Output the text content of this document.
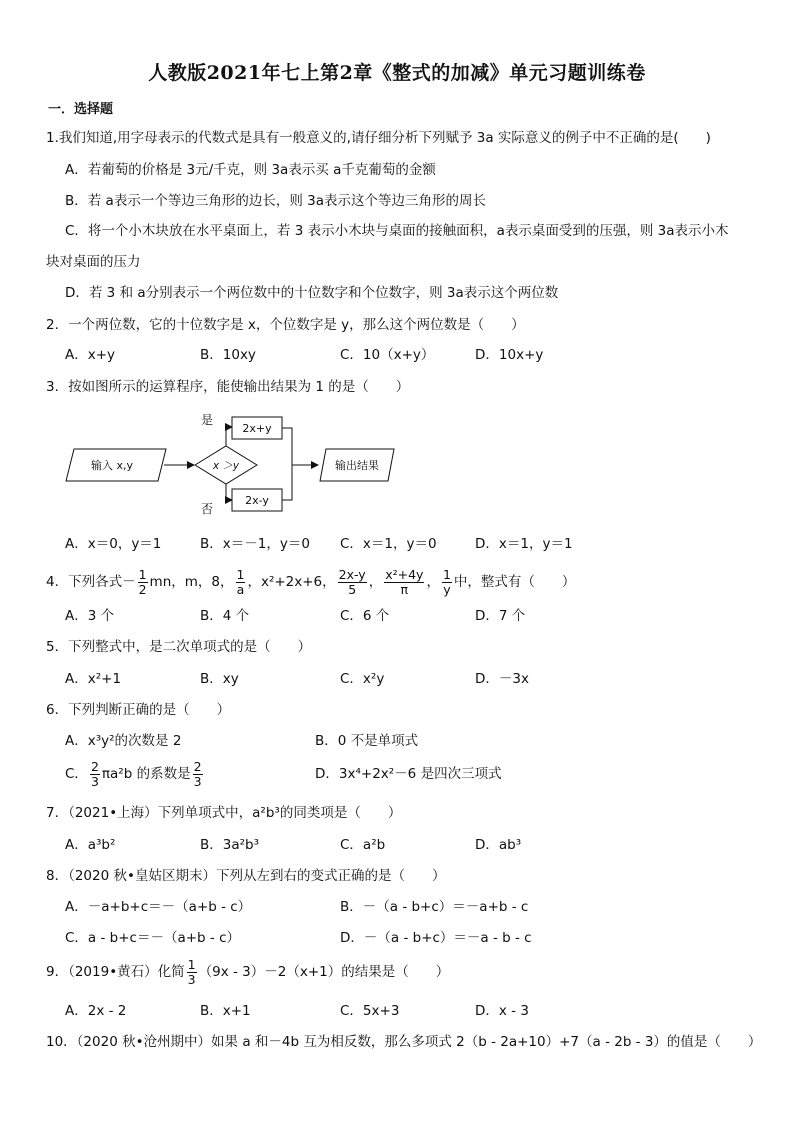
人教版2021年七上第2章《整式的加减》单元习题训练卷
一．选择题
1.我们知道,用字母表示的代数式是具有一般意义的,请仔细分析下列赋予 3a 实际意义的例子中不正确的是(　　)
A．若葡萄的价格是 3元/千克，则 3a表示买 a千克葡萄的金额
B．若 a表示一个等边三角形的边长，则 3a表示这个等边三角形的周长
C．将一个小木块放在水平桌面上，若 3 表示小木块与桌面的接触面积，a表示桌面受到的压强，则 3a表示小木
块对桌面的压力
D．若 3 和 a分别表示一个两位数中的十位数字和个位数字，则 3a表示这个两位数
2．一个两位数，它的十位数字是 x，个位数字是 y，那么这个两位数是（　　）
A．x+y	B．10xy	C．10（x+y）	D．10x+y
3．按如图所示的运算程序，能使输出结果为 1 的是（　　）
输入 x,y	x ＞y
是
2x+y
否
2x-y
输出结果
A．x＝0，y＝1	B．x＝－1，y＝0 C．x＝1，y＝0	D．x＝1，y＝1
4．下列各式－ $\frac{1}{2}$ mn，m，8， $\frac{1}{a}$ ，x²+2x+6， $\frac{2x-y}{5}$ ， $\frac{\text{x²+4y}}{\pi}$ ， $\frac{1}{y}$ 中，整式有（　　）
A．3 个	B．4 个	C．6 个	D．7 个
5．下列整式中，是二次单项式的是（　　）
A．x²+1	B．xy	C．x²y	D．－3x
6．下列判断正确的是（　　）
A．x³y²的次数是 2	B．0 不是单项式
C． $\frac{2}{3} \pi a^2b$ 的系数是 $\frac{2}{3}$	D．3x⁴+2x²－6 是四次三项式
7．（2021•上海）下列单项式中，a²b³的同类项是（　　）
A．a³b²	B．3a²b³	C．a²b	D．ab³
8．（2020 秋•皇姑区期末）下列从左到右的变式正确的是（　　）
A．－a+b+c＝－（a+b - c）	B．－（a - b+c）＝－a+b - c
C．a - b+c＝－（a+b - c）	D．－（a - b+c）＝－a - b - c
9．（2019•黄石）化简 $\frac{1}{3} (9x - 3)-2(x+1)$的结果是（　　）
A．2x - 2	B．x+1	C．5x+3	D．x - 3
10．（2020 秋•沧州期中）如果 a 和－4b 互为相反数，那么多项式 2（b - 2a+10）+7（a - 2b - 3）的值是（　　）
